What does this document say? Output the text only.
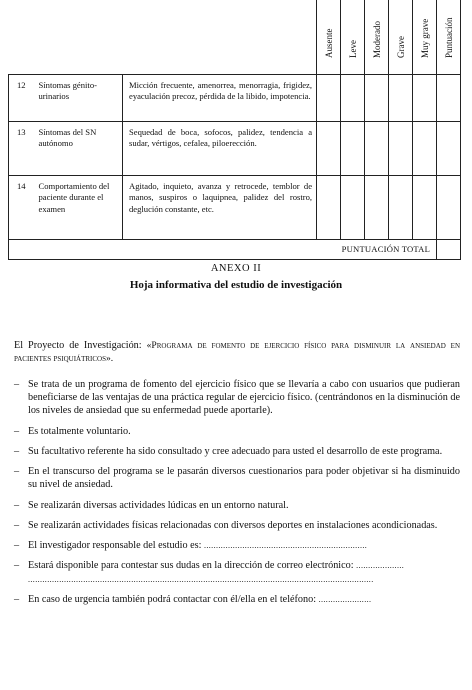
			Ausente	Leve	Moderado	Grave	Muy grave	Puntuación

12	Síntomas génito-urinarios	Micción frecuente, amenorrea, menorragia, frigidez, eyaculación precoz, pérdida de la libido, impotencia.						
13	Síntomas del SN autónomo	Sequedad de boca, sofocos, palidez, tendencia a sudar, vértigos, cefalea, piloerección.						
14	Comportamiento del paciente durante el examen	Agitado, inquieto, avanza y retrocede, temblor de manos, suspiros o laquipnea, palidez del rostro, deglución constante, etc.						
PUNTUACIÓN TOTAL								
ANEXO II
Hoja informativa del estudio de investigación

El Proyecto de Investigación: «Programa de fomento de ejercicio físico para disminuir la ansiedad en pacientes psiquiátricos».

– Se trata de un programa de fomento del ejercicio físico que se llevaría a cabo con usuarios que pudieran beneficiarse de las ventajas de una práctica regular de ejercicio físico. (centrándonos en la disminución de los niveles de ansiedad que su enfermedad puede aportarle).
– Es totalmente voluntario.
– Su facultativo referente ha sido consultado y cree adecuado para usted el desarrollo de este programa.
– En el transcurso del programa se le pasarán diversos cuestionarios para poder objetivar si ha disminuido su nivel de ansiedad.
– Se realizarán diversas actividades lúdicas en un entorno natural.
– Se realizarán actividades físicas relacionadas con diversos deportes en instalaciones acondicionadas.
– El investigador responsable del estudio es: ....................................................................
– Estará disponible para contestar sus dudas en la dirección de correo electrónico: ....................
................................................................................................................................................
– En caso de urgencia también podrá contactar con él/ella en el teléfono: ......................
